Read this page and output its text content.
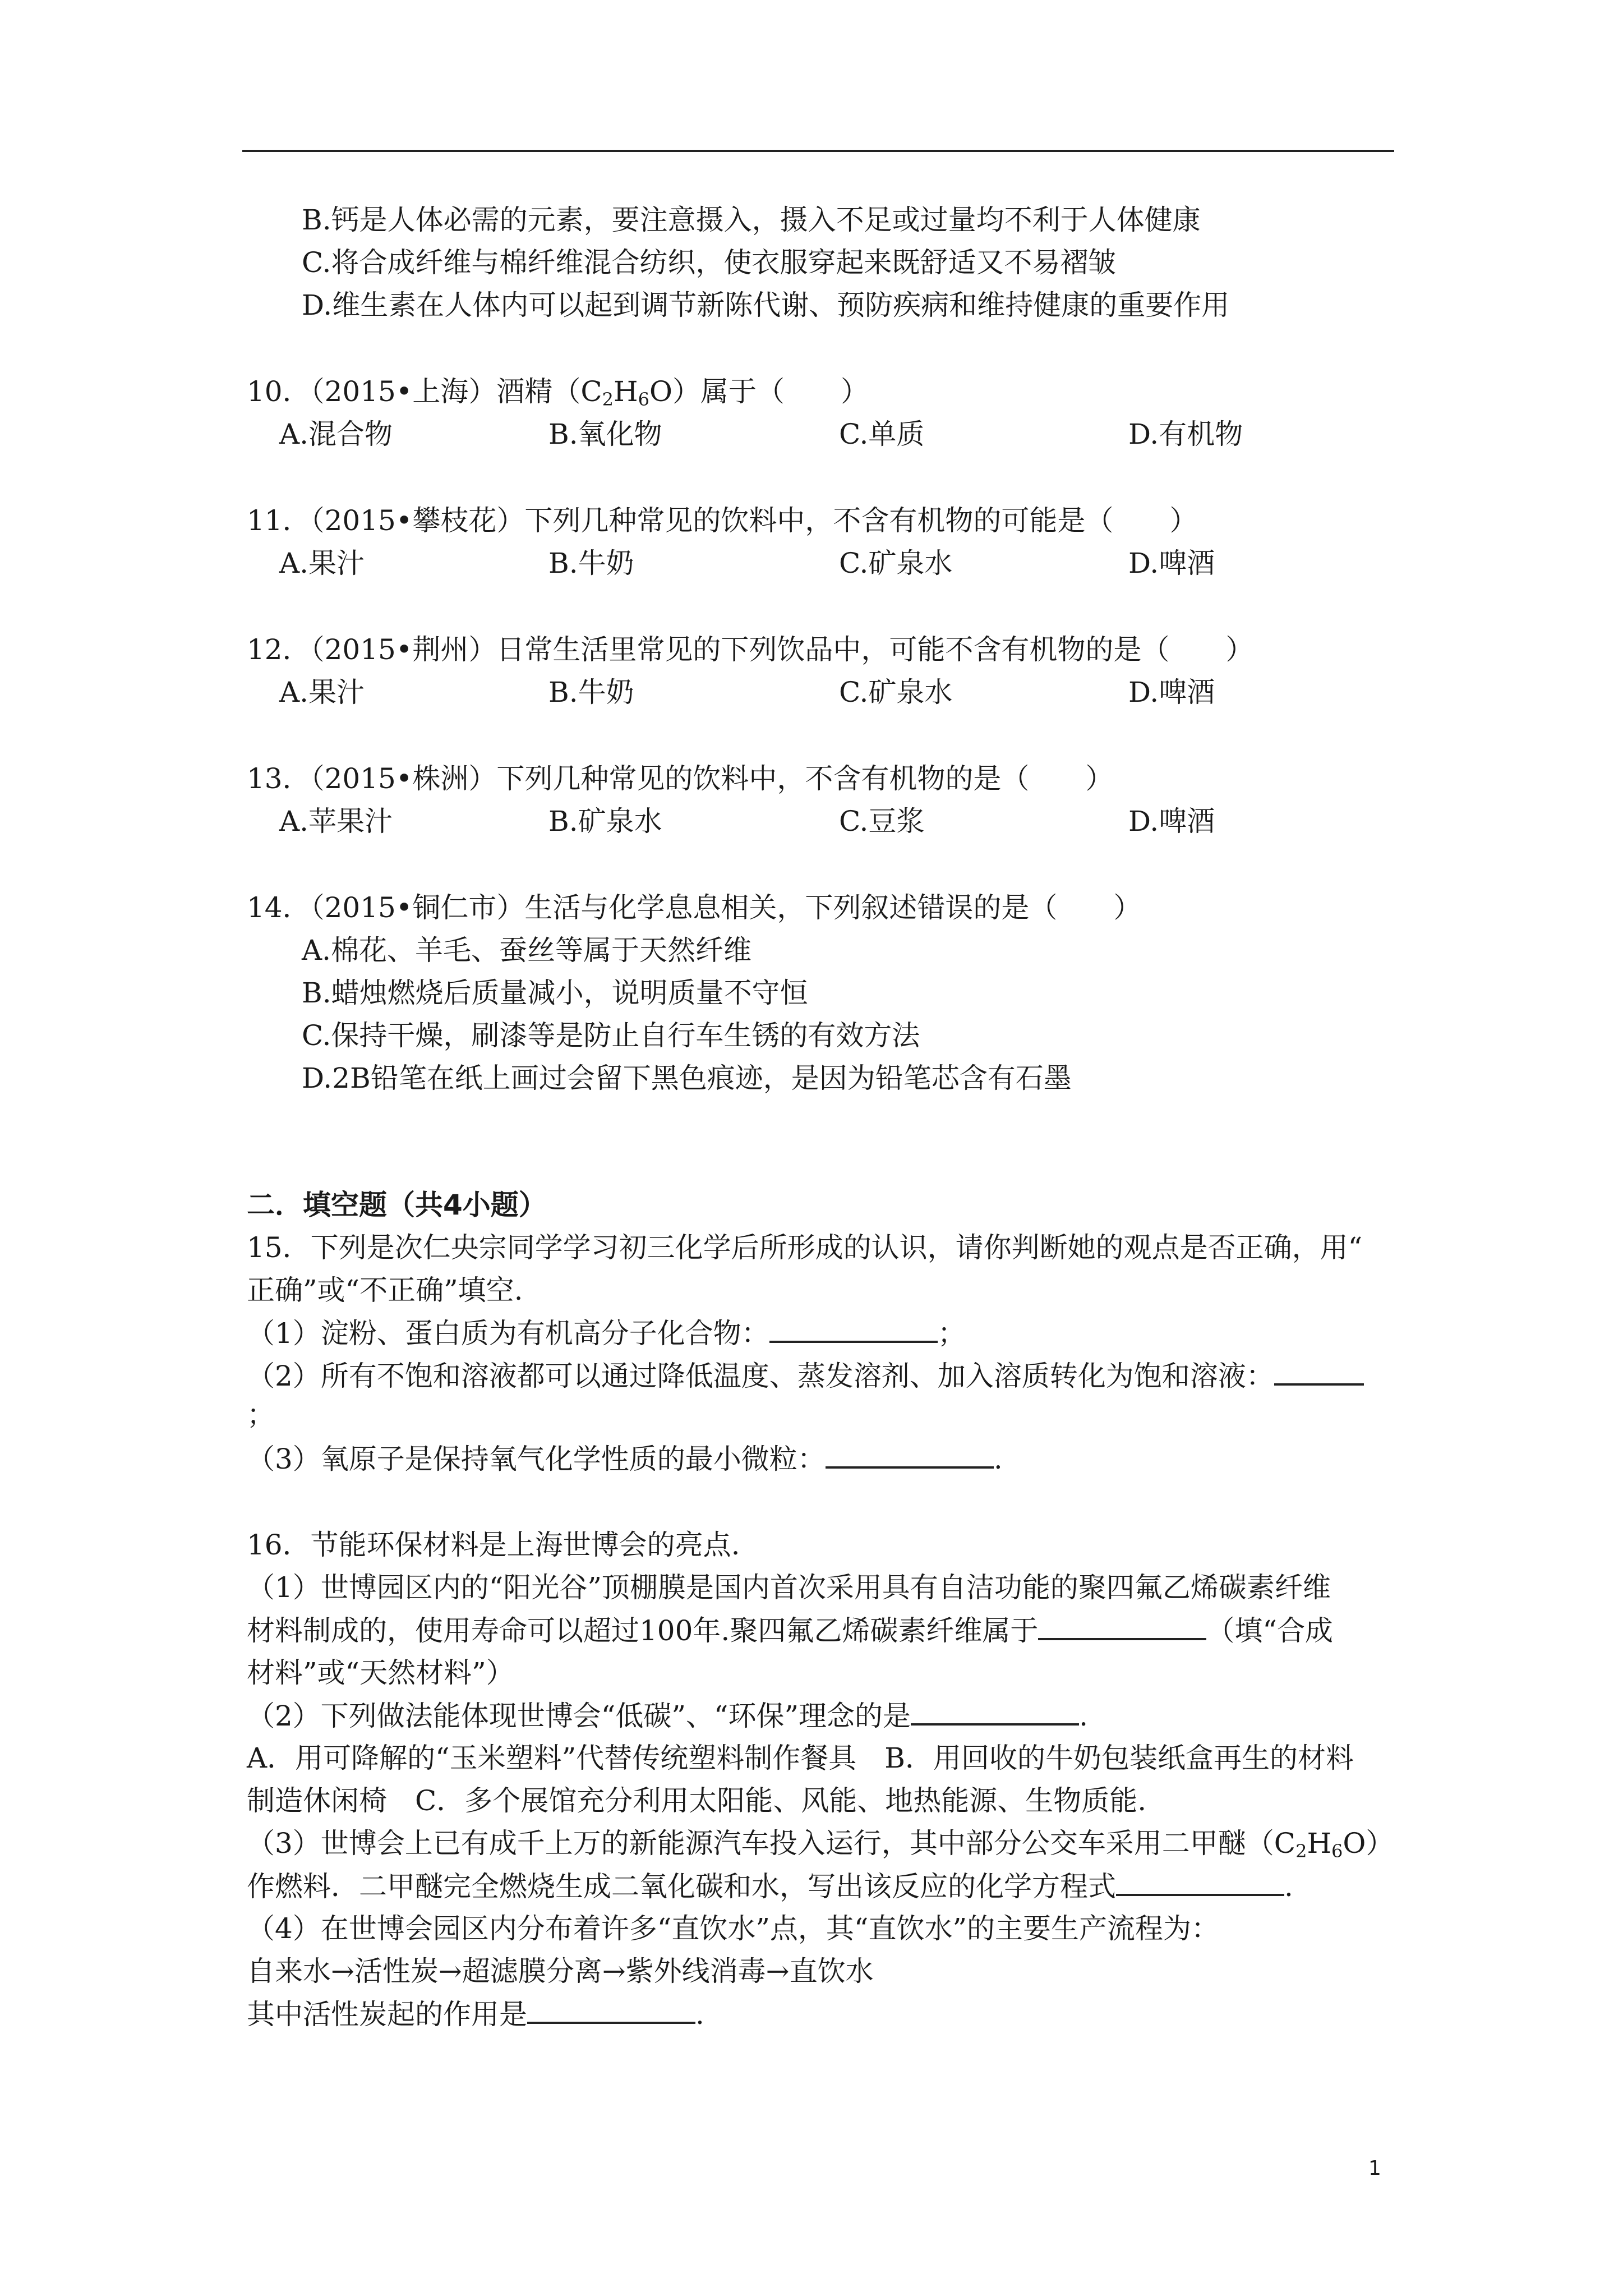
B.钙是人体必需的元素，要注意摄入，摄入不足或过量均不利于人体健康
C.将合成纤维与棉纤维混合纺织，使衣服穿起来既舒适又不易褶皱
D.维生素在人体内可以起到调节新陈代谢、预防疾病和维持健康的重要作用
10．（2015•上海）酒精$(C_2H_6O)$属于（　　）
A.混合物	B.氧化物	C.单质	D.有机物
11．（2015•攀枝花）下列几种常见的饮料中，不含有机物的可能是（　　）
A.果汁	B.牛奶	C.矿泉水	D.啤酒
12．（2015•荆州）日常生活里常见的下列饮品中，可能不含有机物的是（　　）
A.果汁	B.牛奶	C.矿泉水	D.啤酒
13．（2015•株洲）下列几种常见的饮料中，不含有机物的是（　　）
A.苹果汁	B.矿泉水	C.豆浆	D.啤酒
14．（2015•铜仁市）生活与化学息息相关，下列叙述错误的是（　　）
A.棉花、羊毛、蚕丝等属于天然纤维
B.蜡烛燃烧后质量减小，说明质量不守恒
C.保持干燥，刷漆等是防止自行车生锈的有效方法
D.2B铅笔在纸上画过会留下黑色痕迹，是因为铅笔芯含有石墨
二．填空题（共4小题）
15．下列是次仁央宗同学学习初三化学后所形成的认识，请你判断她的观点是否正确，用“
正确”或“不正确”填空.
（1）淀粉、蛋白质为有机高分子化合物：	；
（2）所有不饱和溶液都可以通过降低温度、蒸发溶剂、加入溶质转化为饱和溶液：
；
（3）氧原子是保持氧气化学性质的最小微粒：	.
16．节能环保材料是上海世博会的亮点.
（1）世博园区内的“阳光谷”顶棚膜是国内首次采用具有自洁功能的聚四氟乙烯碳素纤维
材料制成的，使用寿命可以超过100年.聚四氟乙烯碳素纤维属于	（填“合成
材料”或“天然材料”）
（2）下列做法能体现世博会“低碳”、“环保”理念的是	.
A．用可降解的“玉米塑料”代替传统塑料制作餐具　B．用回收的牛奶包装纸盒再生的材料
制造休闲椅　C．多个展馆充分利用太阳能、风能、地热能源、生物质能.
（3）世博会上已有成千上万的新能源汽车投入运行，其中部分公交车采用二甲醚$(C_2H_6O)$
作燃料．二甲醚完全燃烧生成二氧化碳和水，写出该反应的化学方程式	.
（4）在世博会园区内分布着许多“直饮水”点，其“直饮水”的主要生产流程为：
自来水→活性炭→超滤膜分离→紫外线消毒→直饮水
其中活性炭起的作用是	.
1
